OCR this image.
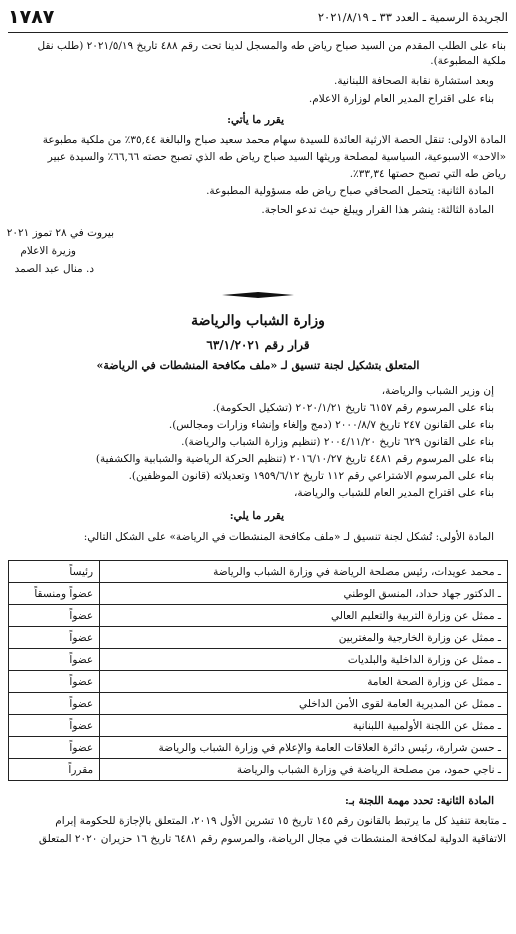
١٧٨٧	الجريدة الرسمية ـ العدد ٣٣ ـ ٢٠٢١/٨/١٩
بناء على الطلب المقدم من السيد صباح رياض طه والمسجل لدينا تحت رقم ٤٨٨ تاريخ ٢٠٢١/٥/١٩ (طلب نقل
ملكية المطبوعة).
وبعد استشارة نقابة الصحافة اللبنانية.
بناء على اقتراح المدير العام لوزارة الاعلام.
يقرر ما يأتي:
المادة الاولى: تنقل الحصة الارثية العائدة للسيدة سهام محمد سعيد صباح والبالغة ٣٥,٤٤٪ من ملكية مطبوعة
«الاحد» الاسبوعية، السياسية لمصلحة وريثها السيد صباح رياض طه الذي تصبح حصته ٦٦,٦٦٪ والسيدة عبير
رياض طه التي تصبح حصتها ٣٣,٣٤٪.
المادة الثانية: يتحمل الصحافي صباح رياض طه مسؤولية المطبوعة.
المادة الثالثة: ينشر هذا القرار ويبلغ حيث تدعو الحاجة.
بيروت في ٢٨ تموز ٢٠٢١
وزيرة الاعلام
د. منال عبد الصمد
وزارة الشباب والرياضة
قرار رقم ٦٣/١/٢٠٢١
المتعلق بتشكيل لجنة تنسيق لـ «ملف مكافحة المنشطات في الرياضة»
إن وزير الشباب والرياضة،
بناء على المرسوم رقم ٦١٥٧ تاريخ ٢٠٢٠/١/٢١ (تشكيل الحكومة).
بناء على القانون ٢٤٧ تاريخ ٢٠٠٠/٨/٧ (دمج وإلغاء وإنشاء وزارات ومجالس).
بناء على القانون ٦٢٩ تاريخ ٢٠٠٤/١١/٢٠ (تنظيم وزارة الشباب والرياضة).
بناء على المرسوم رقم ٤٤٨١ تاريخ ٢٠١٦/١٠/٢٧ (تنظيم الحركة الرياضية والشبابية والكشفية)
بناء على المرسوم الاشتراعي رقم ١١٢ تاريخ ١٩٥٩/٦/١٢ وتعديلاته (قانون الموظفين).
بناء على اقتراح المدير العام للشباب والرياضة،
يقرر ما يلي:
المادة الأولى: تُشكل لجنة تنسيق لـ «ملف مكافحة المنشطات في الرياضة» على الشكل التالي:
ـ محمد عويدات، رئيس مصلحة الرياضة في وزارة الشباب والرياضة	رئيساً
ـ الدكتور جهاد حداد، المنسق الوطني	عضواً ومنسقاً
ـ ممثل عن وزارة التربية والتعليم العالي	عضواً
ـ ممثل عن وزارة الخارجية والمغتربين	عضواً
ـ ممثل عن وزارة الداخلية والبلديات	عضواً
ـ ممثل عن وزارة الصحة العامة	عضواً
ـ ممثل عن المديرية العامة لقوى الأمن الداخلي	عضواً
ـ ممثل عن اللجنة الأولمبية اللبنانية	عضواً
ـ حسن شرارة، رئيس دائرة العلاقات العامة والإعلام في وزارة الشباب والرياضة	عضواً
ـ ناجي حمود، من مصلحة الرياضة في وزارة الشباب والرياضة	مقرراً
المادة الثانية: تحدد مهمة اللجنة بـ:
ـ متابعة تنفيذ كل ما يرتبط بالقانون رقم ١٤٥ تاريخ ١٥ تشرين الأول ٢٠١٩، المتعلق بالإجازة للحكومة إبرام
الاتفاقية الدولية لمكافحة المنشطات في مجال الرياضة، والمرسوم رقم ٦٤٨١ تاريخ ١٦ حزيران ٢٠٢٠ المتعلق
